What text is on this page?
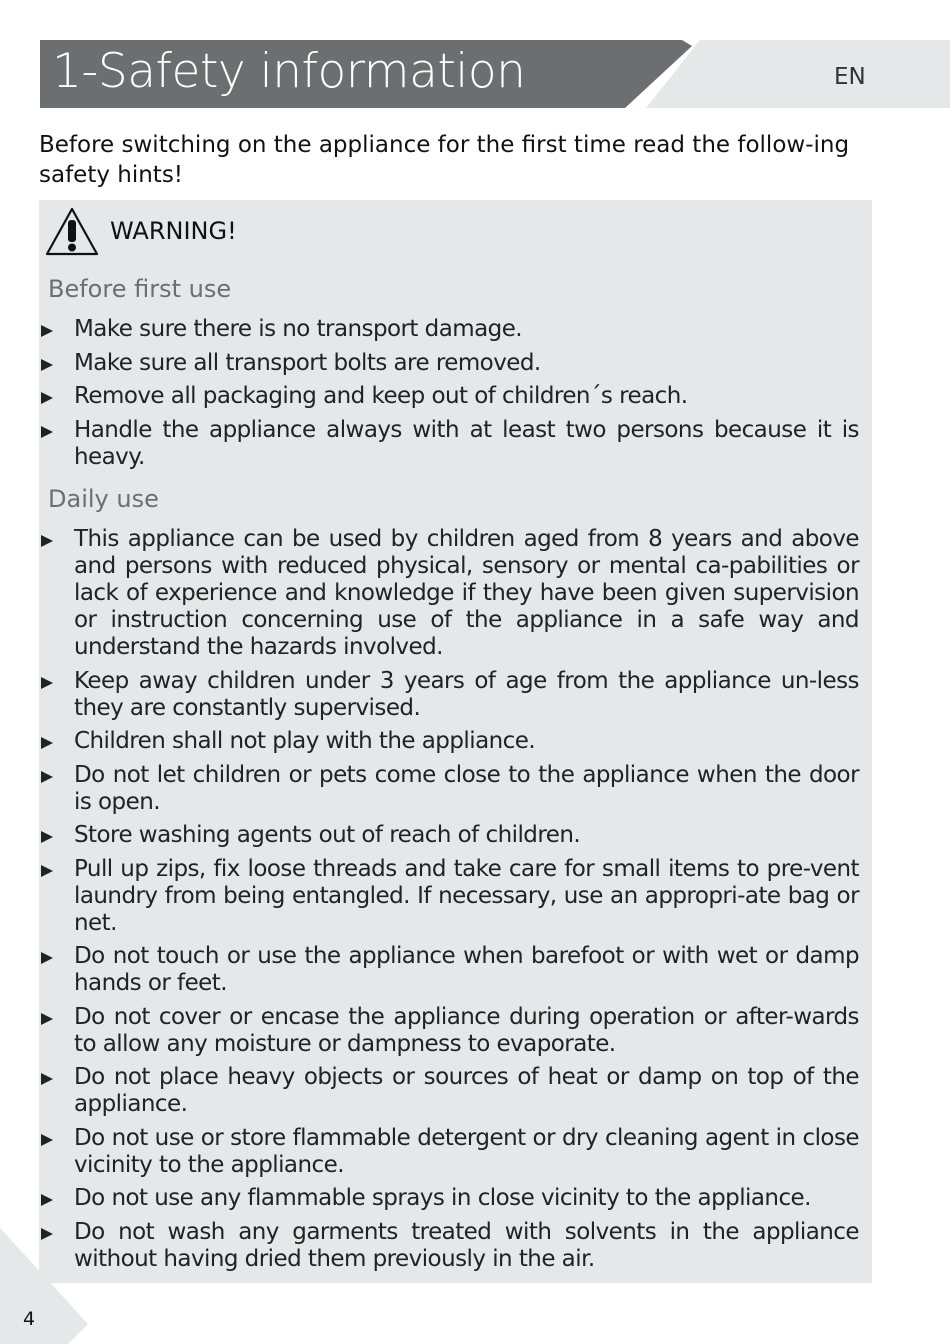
1-Safety information	EN
Before switching on the appliance for the first time read the follow-ing safety hints!
WARNING!
Before first use
Make sure there is no transport damage.
Make sure all transport bolts are removed.
Remove all packaging and keep out of children´s reach.
Handle the appliance always with at least two persons because it is heavy.
Daily use
This appliance can be used by children aged from 8 years and above and persons with reduced physical, sensory or mental ca-pabilities or lack of experience and knowledge if they have been given supervision or instruction concerning use of the appliance in a safe way and understand the hazards involved.
Keep away children under 3 years of age from the appliance un-less they are constantly supervised.
Children shall not play with the appliance.
Do not let children or pets come close to the appliance when the door is open.
Store washing agents out of reach of children.
Pull up zips, fix loose threads and take care for small items to pre-vent laundry from being entangled. If necessary, use an appropri-ate bag or net.
Do not touch or use the appliance when barefoot or with wet or damp hands or feet.
Do not cover or encase the appliance during operation or after-wards to allow any moisture or dampness to evaporate.
Do not place heavy objects or sources of heat or damp on top of the appliance.
Do not use or store flammable detergent or dry cleaning agent in close vicinity to the appliance.
Do not use any flammable sprays in close vicinity to the appliance.
Do not wash any garments treated with solvents in the appliance without having dried them previously in the air.
4
